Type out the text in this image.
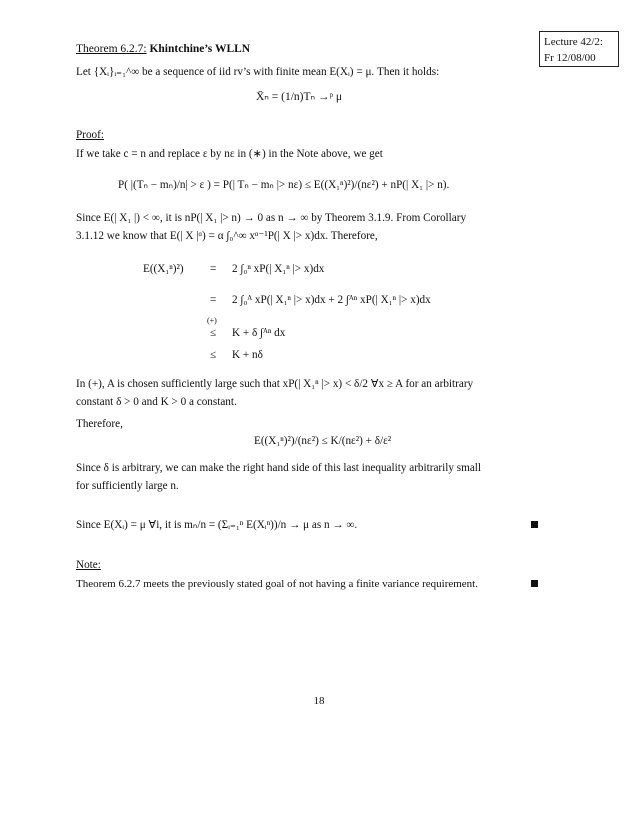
Lecture 42/2:
Fr 12/08/00
Theorem 6.2.7: Khintchine’s WLLN
Let {Xᵢ}ᵢ₌₁^∞ be a sequence of iid rv’s with finite mean E(Xᵢ) = μ. Then it holds:
X̄ₙ = (1/n)Tₙ →ᵖ μ
Proof:
If we take c = n and replace ε by nε in (∗) in the Note above, we get
P( |(Tₙ − mₙ)/n| > ε ) = P(| Tₙ − mₙ |> nε) ≤ E((X₁ⁿ)²)/(nε²) + nP(| X₁ |> n).
Since E(| X₁ |) < ∞, it is nP(| X₁ |> n) → 0 as n → ∞ by Theorem 3.1.9. From Corollary
3.1.12 we know that E(| X |ᵅ) = α ∫₀^∞ xᵅ⁻¹P(| X |> x)dx. Therefore,
E((X₁ⁿ)²) = 2 ∫₀ⁿ xP(| X₁ⁿ |> x)dx
= 2 ∫₀ᴬ xP(| X₁ⁿ |> x)dx + 2 ∫ᴬⁿ xP(| X₁ⁿ |> x)dx
(+)
≤ K + δ ∫ᴬⁿ dx
≤ K + nδ
In (+), A is chosen sufficiently large such that xP(| X₁ⁿ |> x) < δ/2 ∀x ≥ A for an arbitrary
constant δ > 0 and K > 0 a constant.
Therefore,
E((X₁ⁿ)²)/(nε²) ≤ K/(nε²) + δ/ε²
Since δ is arbitrary, we can make the right hand side of this last inequality arbitrarily small
for sufficiently large n.
Since E(Xᵢ) = μ ∀i, it is mₙ/n = (Σᵢ₌₁ⁿ E(Xᵢⁿ))/n → μ as n → ∞.
Note:
Theorem 6.2.7 meets the previously stated goal of not having a finite variance requirement.
18
